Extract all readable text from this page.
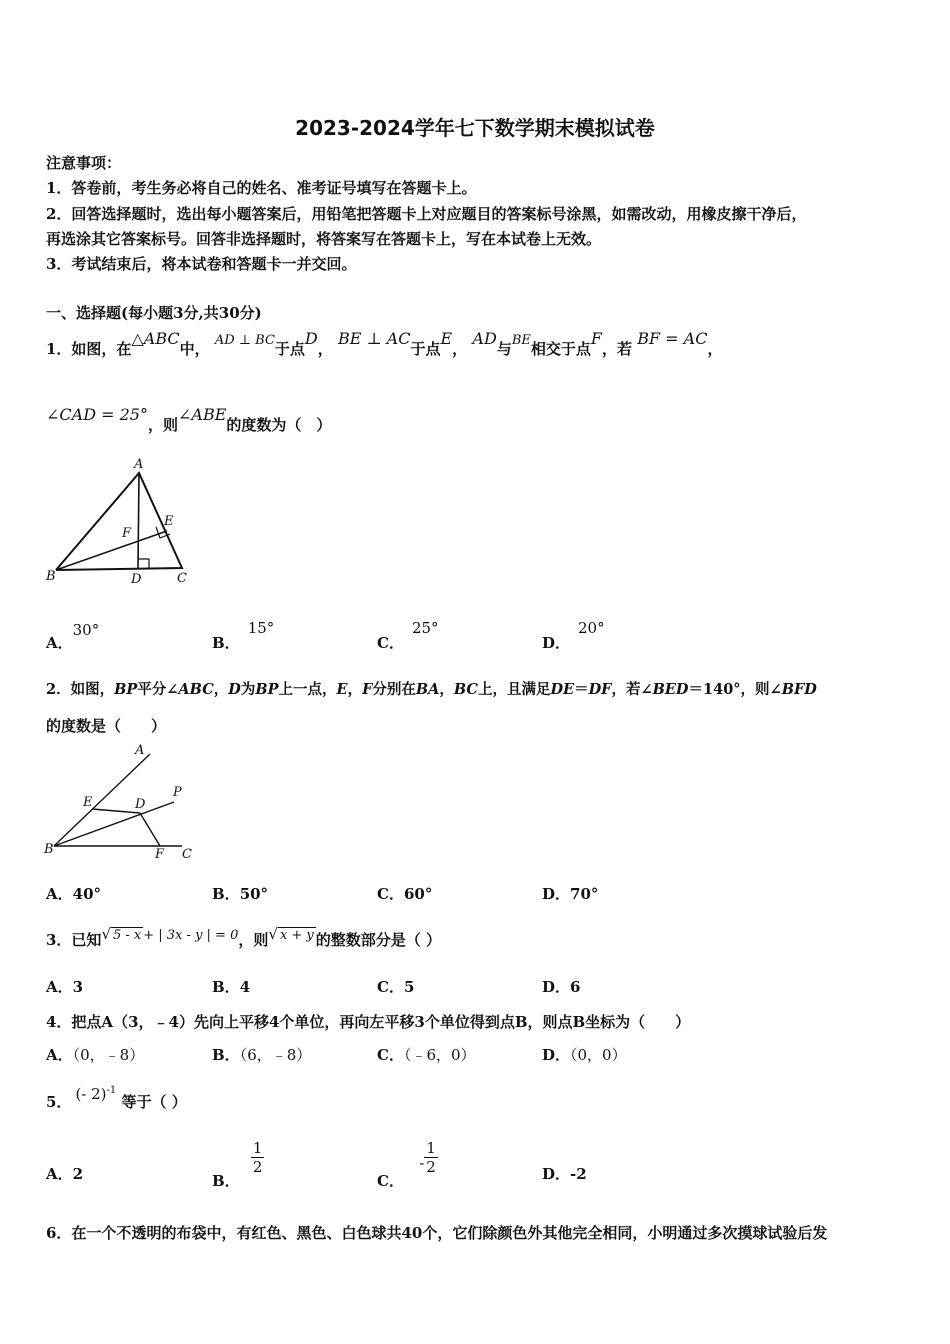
2023-2024学年七下数学期末模拟试卷
注意事项：
1．答卷前，考生务必将自己的姓名、准考证号填写在答题卡上。
2．回答选择题时，选出每小题答案后，用铅笔把答题卡上对应题目的答案标号涂黑，如需改动，用橡皮擦干净后，
再选涂其它答案标号。回答非选择题时，将答案写在答题卡上，写在本试卷上无效。
3．考试结束后，将本试卷和答题卡一并交回。
一、选择题(每小题3分,共30分)
1．如图，在△ABC中， AD ⊥ BC于点D， BE ⊥ AC于点E， AD与BE相交于点F，若 BF = AC，
∠CAD = 25°，则∠ABE的度数为（　）
A
E
F
B	D	C
A．30°
B．15°
C．25°
D．20°
2．如图，BP平分∠ABC，D为BP上一点，E，F分别在BA，BC上，且满足DE＝DF，若∠BED＝140°，则∠BFD
的度数是（　　）
A
E	D
P
B	F C
A．40°	B．50°	C．60°	D．70°
3．已知√ 5 - x + | 3x - y | = 0，则√ x + y 的整数部分是（ ）
A．3	B．4	C．5	D．6
4．把点A（3，﹣4）先向上平移4个单位，再向左平移3个单位得到点B，则点B坐标为（　　）
A．（0，﹣8）	B．（6，﹣8）	C．（﹣6，0）	D．（0，0）
5． (- 2)$^{-1}$ 等于（ ）
A．2	B．
$\frac{1}{2}$
C． - $\frac{1}{2}$	D．-2
6．在一个不透明的布袋中，有红色、黑色、白色球共40个，它们除颜色外其他完全相同，小明通过多次摸球试验后发
